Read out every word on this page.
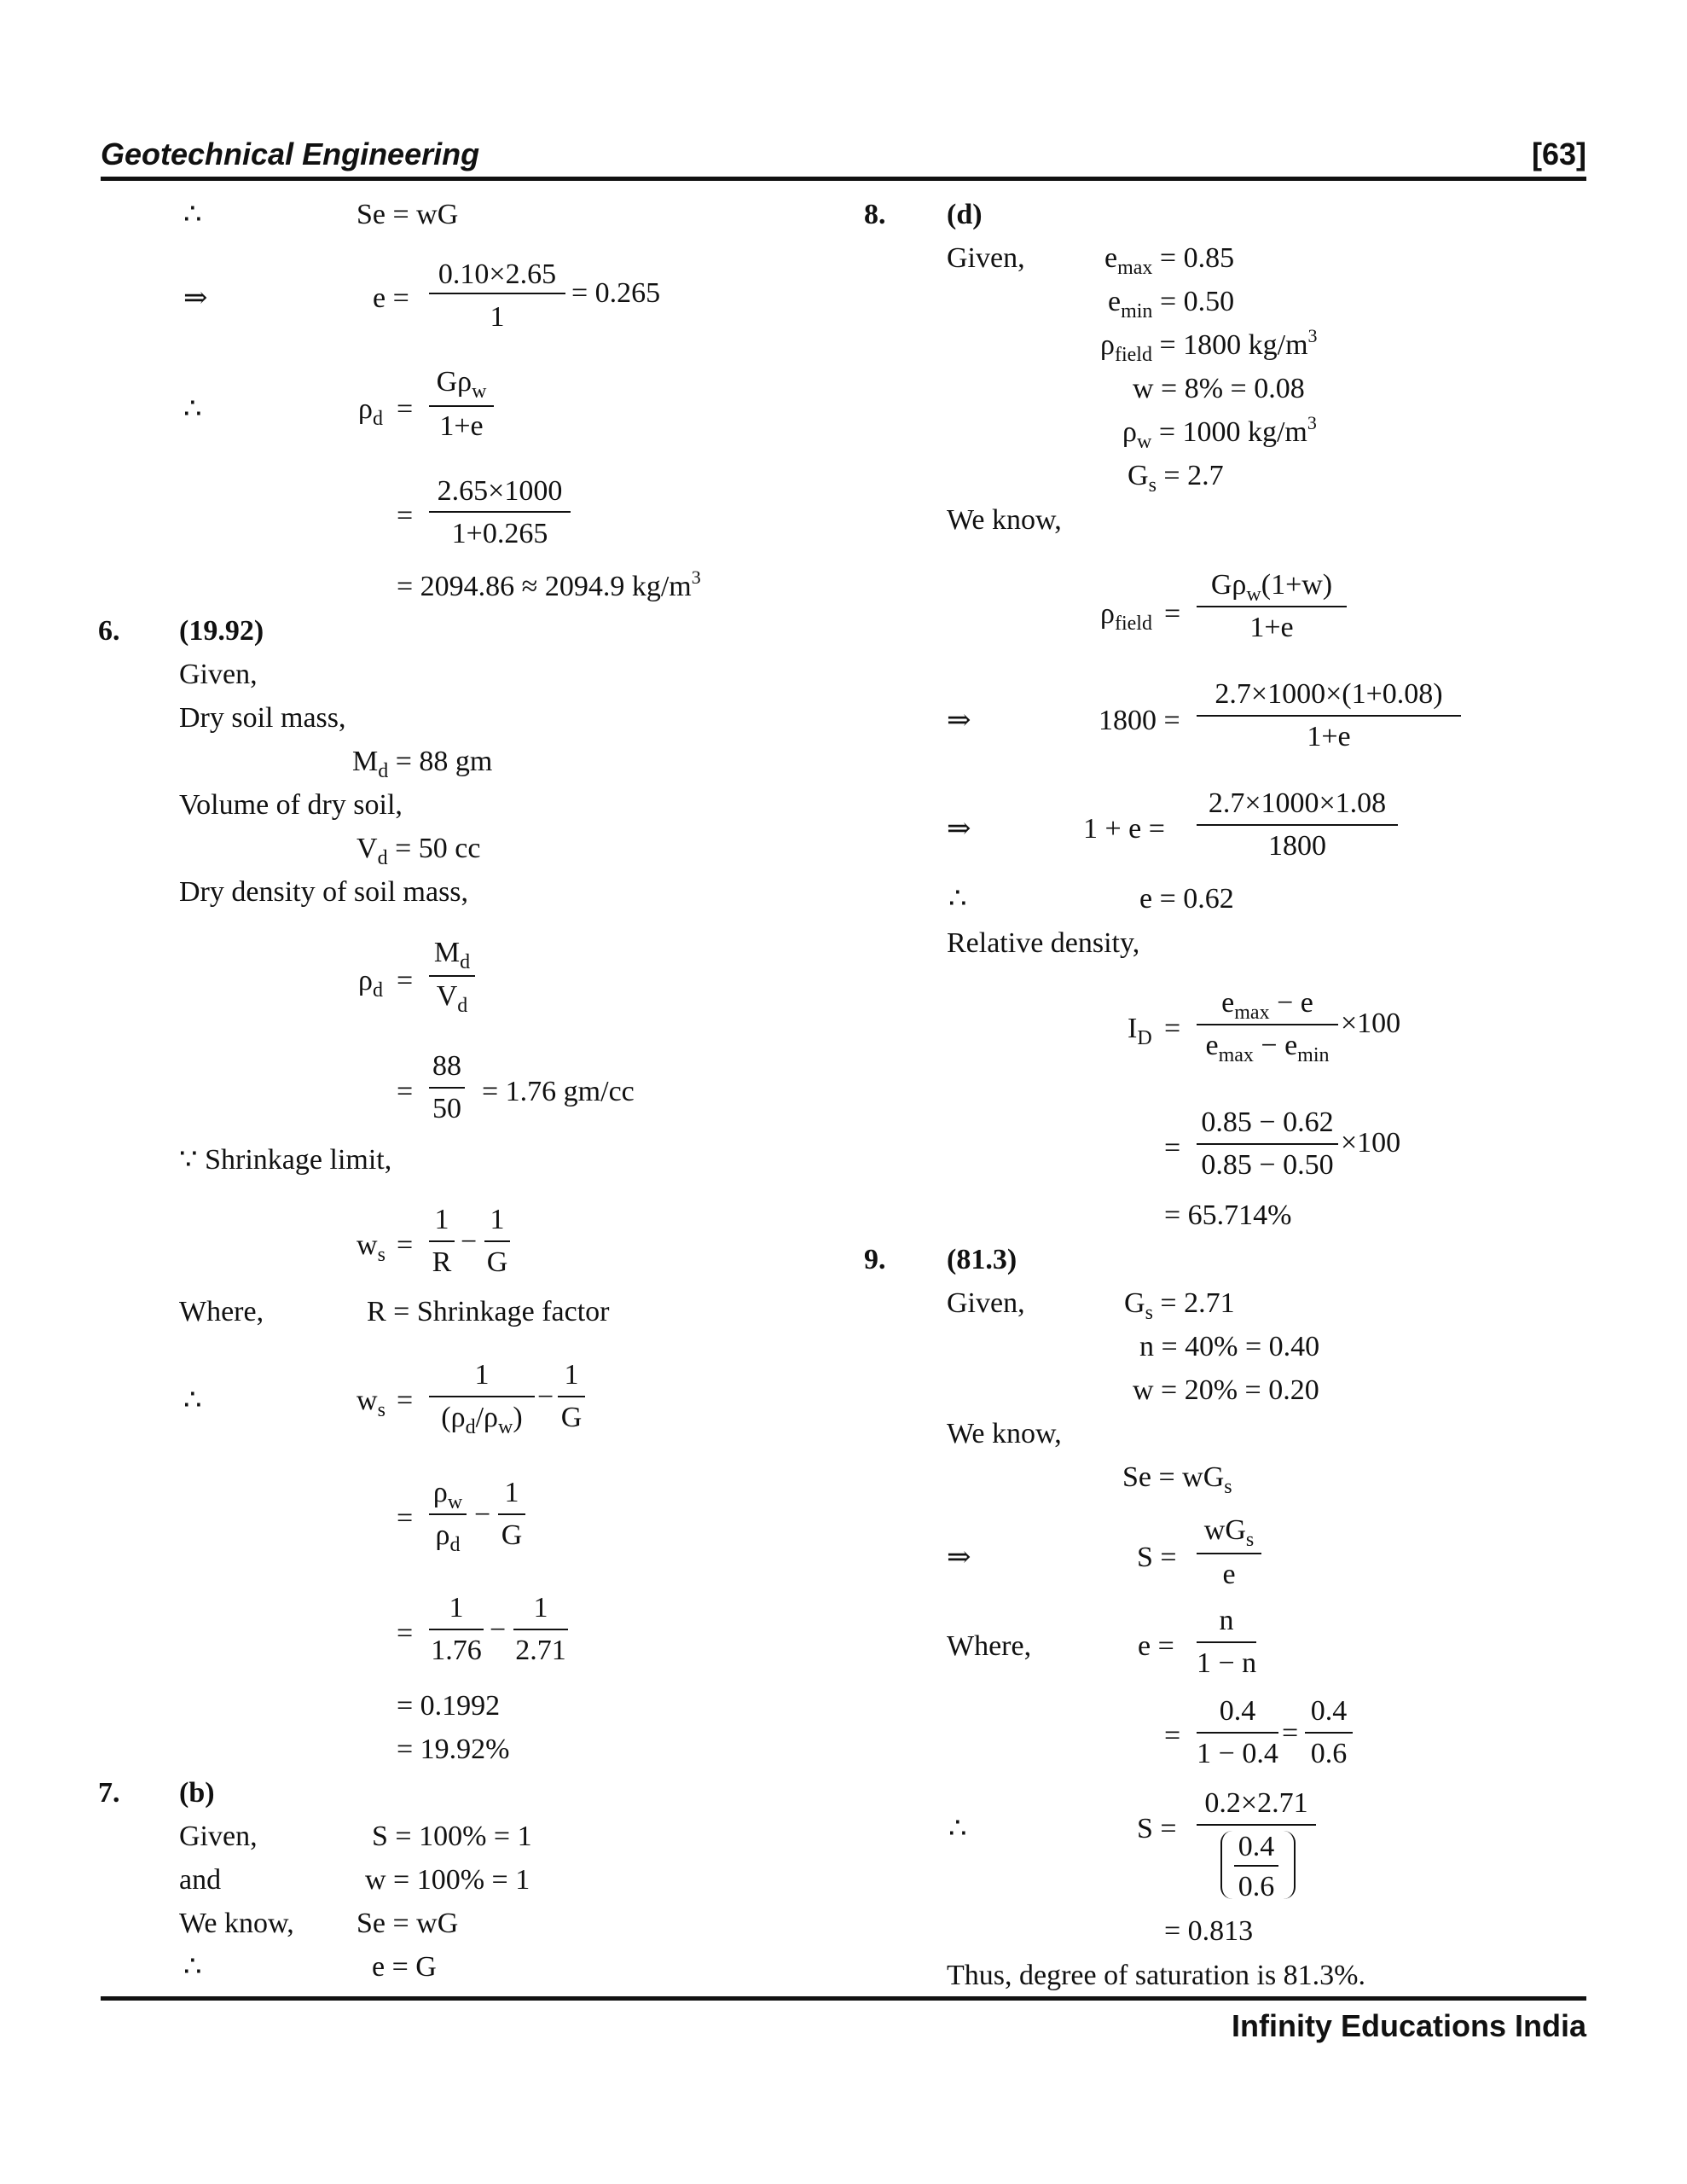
Geotechnical Engineering	[63]
∴	Se = wG
⇒	e =
0.10×2.65
1
= 0.265
∴	$\rho_d$ =
$G\rho_w$
1+e
=
2.65×1000
1+0.265
= 2094.86 ≈ 2094.9 $kg/m^3$
6. (19.92)
Given,
Dry soil mass,
$M_d = 88$ gm
Volume of dry soil,
$V_d = 50$ cc
Dry density of soil mass,
$\rho_d$ =
$M_d$
$V_d$
=
88
50
= 1.76 gm/cc
∵ Shrinkage limit,
$w_s$ =
1
R
−
1
G
Where,	R = Shrinkage factor
∴	$w_s$ =
1
$(\rho_d/\rho_w)$
−
1
G
=
$\rho_w$
$\rho_d$
−
1
G
=
1
1.76
−
1
2.71
= 0.1992
= 19.92%
7. (b)
Given,	S = 100% = 1
and	w = 100% = 1
We know, Se = wG
∴	e = G
8. (d)
Given,	$e_{max} = 0.85$
$e_{min} = 0.50$
$\rho_{field} = 1800$ $kg/m^3$
w = 8% = 0.08
$\rho_w = 1000$ $kg/m^3$
$G_s = 2.7$
We know,
$\rho_{field}$ =
$G\rho_w(1+w)$
1+e
⇒	1800 =
2.7×1000×(1+0.08)
1+e
⇒	1 + e =
2.7×1000×1.08
1800
∴	e = 0.62
Relative density,
$I_D$ =
$e_{max} - e$
$e_{max} - e_{min}$
×100
=
0.85 − 0.62
0.85 − 0.50
×100
= 65.714%
9. (81.3)
Given,	$G_s = 2.71$
n = 40% = 0.40
w = 20% = 0.20
We know,
$Se = wG_s$
⇒	S =
$wG_s$
e
Where,	e =
n
1 − n
=
0.4
1 − 0.4
=
0.4
0.6
∴	S =
0.2×2.71
0.4
0.6
= 0.813
Thus, degree of saturation is 81.3%.
Infinity Educations India
